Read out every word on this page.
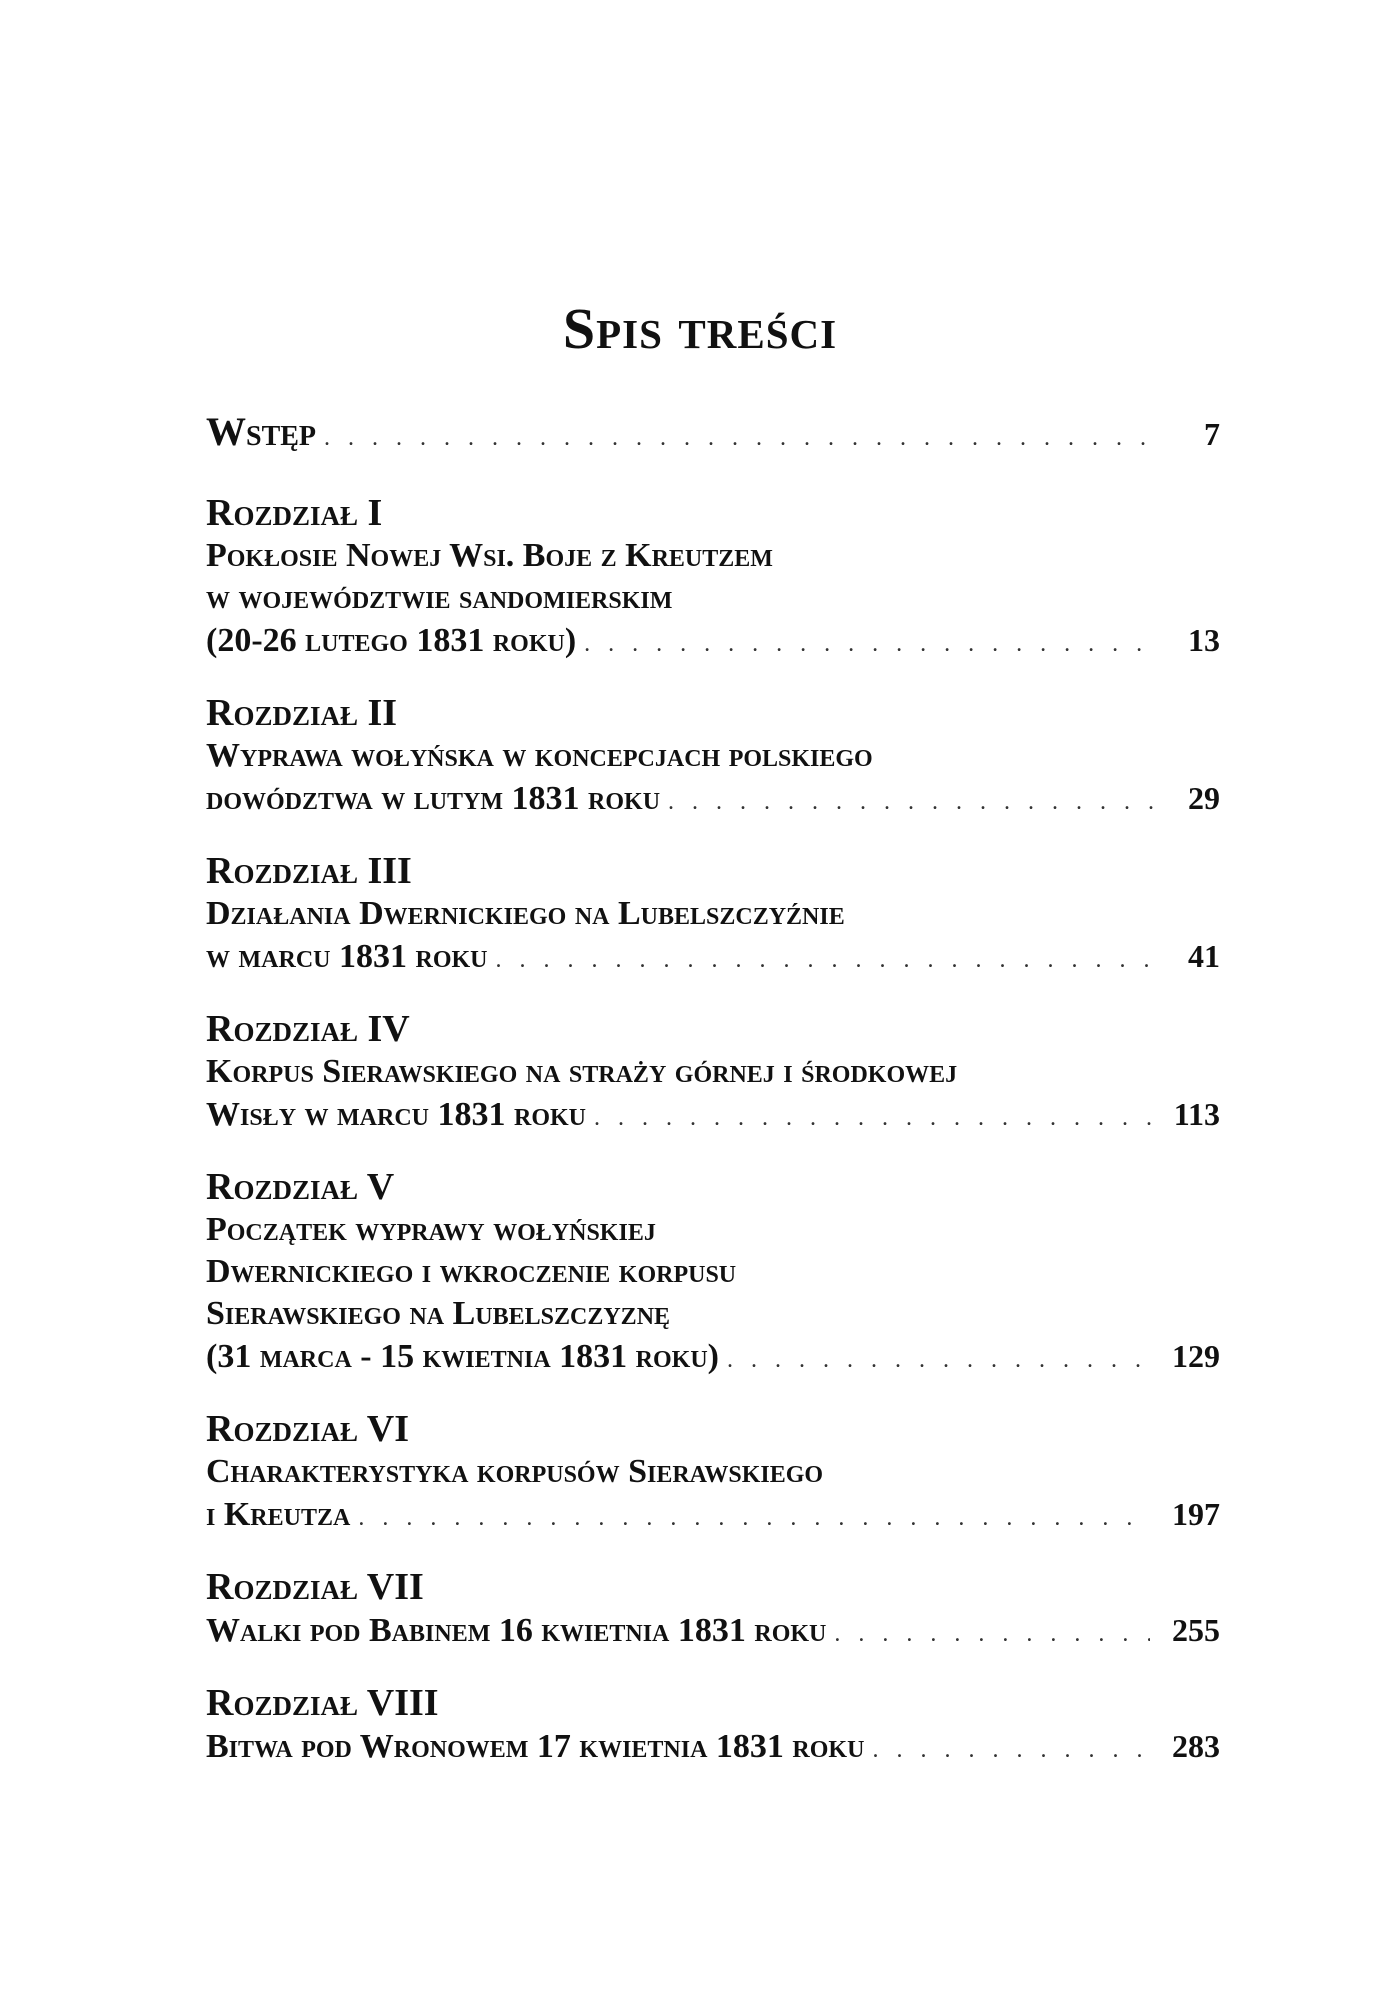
Spis treści
Wstęp . . .	7
Rozdział I
Pokłosie Nowej Wsi. Boje z Kreutzem
w województwie sandomierskim
(20-26 lutego 1831 roku) . . .	13
Rozdział II
Wyprawa wołyńska w koncepcjach polskiego
dowództwa w lutym 1831 roku . . .	29
Rozdział III
Działania Dwernickiego na Lubelszczyźnie
w marcu 1831 roku . . .	41
Rozdział IV
Korpus Sierawskiego na straży górnej i środkowej
Wisły w marcu 1831 roku . . .	113
Rozdział V
Początek wyprawy wołyńskiej
Dwernickiego i wkroczenie korpusu
Sierawskiego na Lubelszczyznę
(31 marca - 15 kwietnia 1831 roku) . . .	129
Rozdział VI
Charakterystyka korpusów Sierawskiego
i Kreutza . . .	197
Rozdział VII
Walki pod Babinem 16 kwietnia 1831 roku . . .	255
Rozdział VIII
Bitwa pod Wronowem 17 kwietnia 1831 roku . . .	283
